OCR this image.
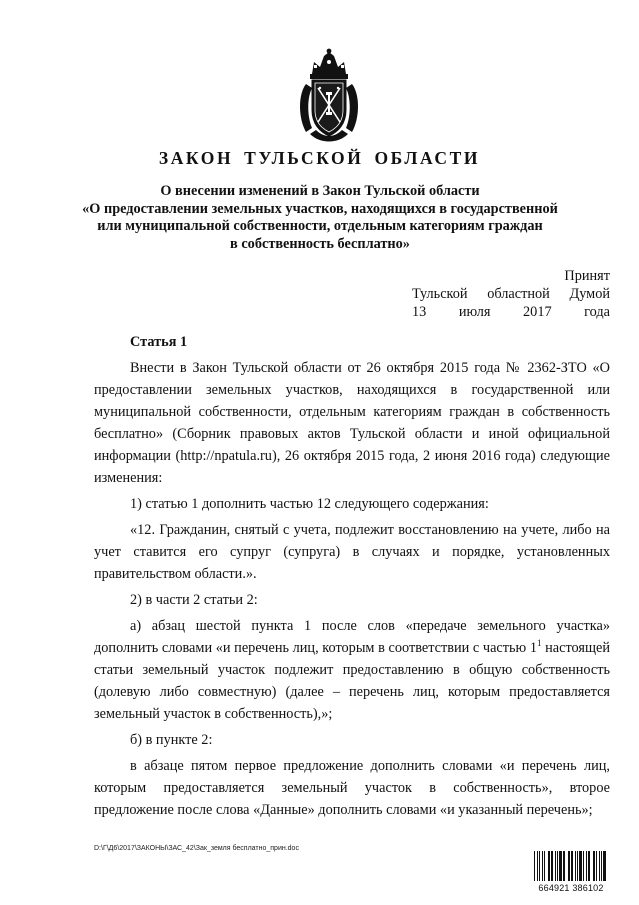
ЗАКОН ТУЛЬСКОЙ ОБЛАСТИ
О внесении изменений в Закон Тульской области
«О предоставлении земельных участков, находящихся в государственной
или муниципальной собственности, отдельным категориям граждан
в собственность бесплатно»
Принят
Тульской областной Думой
13 июля 2017 года
Статья 1

Внести в Закон Тульской области от 26 октября 2015 года № 2362-ЗТО «О предоставлении земельных участков, находящихся в государственной или муниципальной собственности, отдельным категориям граждан в собственность бесплатно» (Сборник правовых актов Тульской области и иной официальной информации (http://npatula.ru), 26 октября 2015 года, 2 июня 2016 года) следующие изменения:

1) статью 1 дополнить частью 12 следующего содержания:

«12. Гражданин, снятый с учета, подлежит восстановлению на учете, либо на учет ставится его супруг (супруга) в случаях и порядке, установленных правительством области.».

2) в части 2 статьи 2:

а) абзац шестой пункта 1 после слов «передаче земельного участка» дополнить словами «и перечень лиц, которым в соответствии с частью $1^1$ настоящей статьи земельный участок подлежит предоставлению в общую собственность (долевую либо совместную) (далее – перечень лиц, которым предоставляется земельный участок в собственность),»;

б) в пункте 2:

в абзаце пятом первое предложение дополнить словами «и перечень лиц, которым предоставляется земельный участок в собственность», второе предложение после слова «Данные» дополнить словами «и указанный перечень»;

D:\Г\Д6\2017\ЗАКОНЫ\ЗАС_42\Зак_земля бесплатно_прин.doc
664921 386102
